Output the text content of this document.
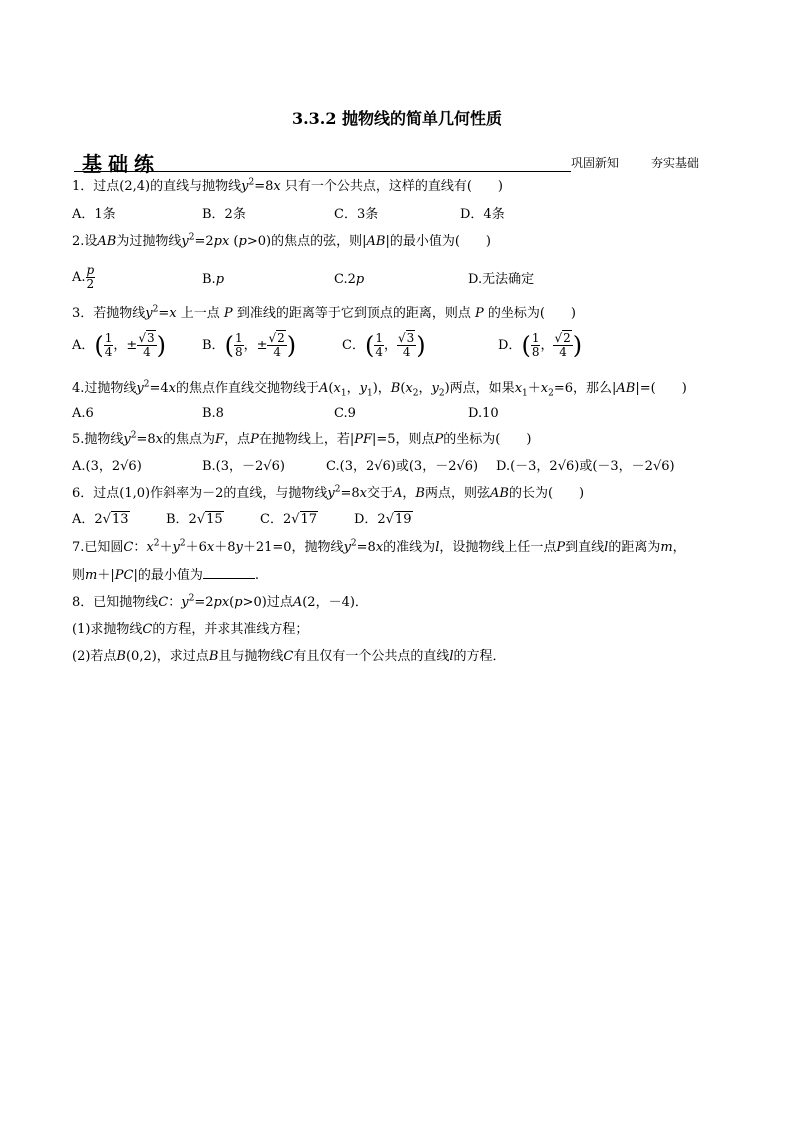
3.3.2 抛物线的简单几何性质
基础练	巩固新知	夯实基础
1．过点(2,4)的直线与抛物线$y^2=8x$ 只有一个公共点，这样的直线有(　　)
A．1条	B．2条	C．3条	D．4条
2.设AB为过抛物线$y^2=2px$ (p>0)的焦点的弦，则|AB|的最小值为(　　)
A. $\frac{p}{2}$	B.p	C.2p	D.无法确定
3．若抛物线$y^2=x$ 上一点 P 到准线的距离等于它到顶点的距离，则点 P 的坐标为(　　)
A．( $\frac{1}{4}$ ，± $\frac{√3}{4}$ )	B．( $\frac{1}{8}$ ，± $\frac{√2}{4}$ )	C．( $\frac{1}{4}$ ， $\frac{√3}{4}$ )	D．( $\frac{1}{8}$ ， $\frac{√2}{4}$ )
4.过抛物线$y^2=4x$的焦点作直线交抛物线于$A(x_1$，$y_1$)，$B(x_2$，$y_2$)两点，如果$x_1+x_2=6$，那么|AB|=(　　)
A.6	B.8	C.9	D.10
5.抛物线$y^2=8x$的焦点为F，点P在抛物线上，若|PF|=5，则点P的坐标为(　　)
A.(3，2√6)	B.(3，－2√6)	C.(3，2√6)或(3，－2√6) D.(－3，2√6)或(－3，－2√6)
6．过点(1,0)作斜率为－2的直线，与抛物线$y^2=8x$交于A，B两点，则弦AB的长为(　　)
A．2√13	B．2√15	C．2√17	D．2√19
7.已知圆C：$x^2+y^2+6x+8y+21=0$，抛物线$y^2=8x$的准线为l，设抛物线上任一点P到直线l的距离为m，
则m＋|PC|的最小值为	.
8．已知抛物线C：$y^2=2px(p>0)$过点A(2，－4)．
(1)求抛物线C的方程，并求其准线方程；
(2)若点B(0,2)，求过点B且与抛物线C有且仅有一个公共点的直线l的方程．
